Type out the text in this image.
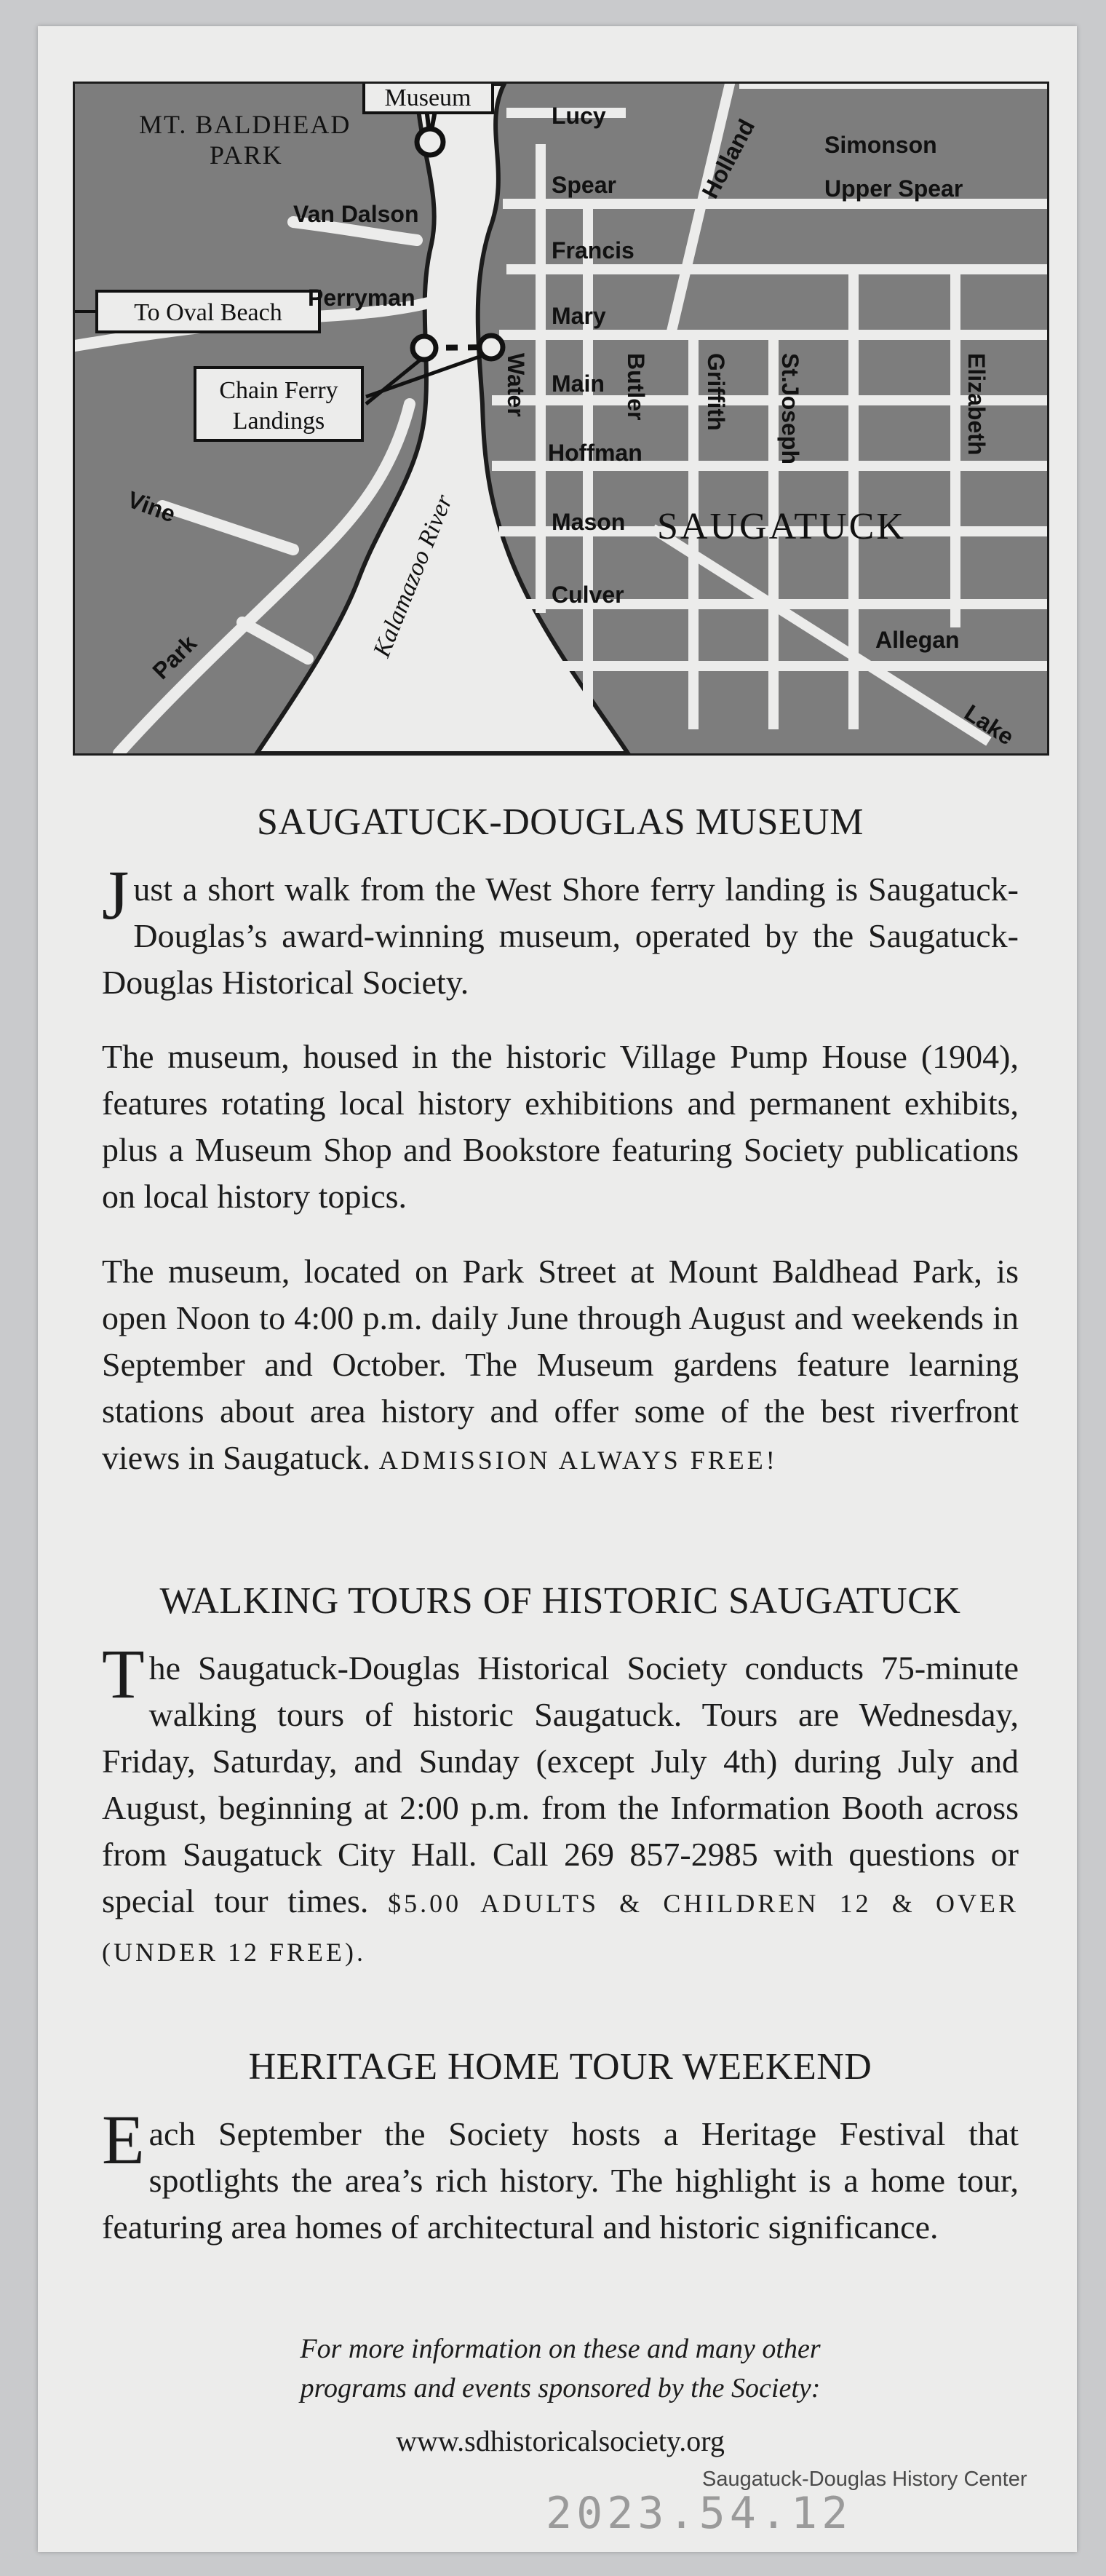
Museum
To Oval Beach
Chain Ferry
Landings
MT. BALDHEAD
PARK
Van Dalson
Perryman
Vine
Park	Kalamazoo River
Lucy
Spear
Francis
Mary
Main
Hoffman
Mason
Culver
Holland	Simonson
Upper Spear
Water	Butler Griffith St.Joseph	Elizabeth
SAUGATUCK
Allegan
Lake
SAUGATUCK-DOUGLAS MUSEUM

Just a short walk from the West Shore ferry landing is Saugatuck-Douglas’s award-winning museum, operated by the Saugatuck-Douglas Historical Society.

The museum, housed in the historic Village Pump House (1904), features rotating local history exhibitions and permanent exhibits, plus a Museum Shop and Bookstore featuring Society publications on local history topics.

The museum, located on Park Street at Mount Baldhead Park, is open Noon to 4:00 p.m. daily June through August and weekends in September and October. The Museum gardens feature learning stations about area history and offer some of the best riverfront views in Saugatuck. ADMISSION ALWAYS FREE!

WALKING TOURS OF HISTORIC SAUGATUCK

The Saugatuck-Douglas Historical Society conducts 75-minute walking tours of historic Saugatuck. Tours are Wednesday, Friday, Saturday, and Sunday (except July 4th) during July and August, beginning at 2:00 p.m. from the Information Booth across from Saugatuck City Hall. Call 269 857-2985 with questions or special tour times. $5.00 ADULTS & CHILDREN 12 & OVER (UNDER 12 FREE).

HERITAGE HOME TOUR WEEKEND

Each September the Society hosts a Heritage Festival that spotlights the area’s rich history. The highlight is a home tour, featuring area homes of architectural and historic significance.

For more information on these and many other
programs and events sponsored by the Society:
www.sdhistoricalsociety.org
Saugatuck-Douglas History Center
2023.54.12
